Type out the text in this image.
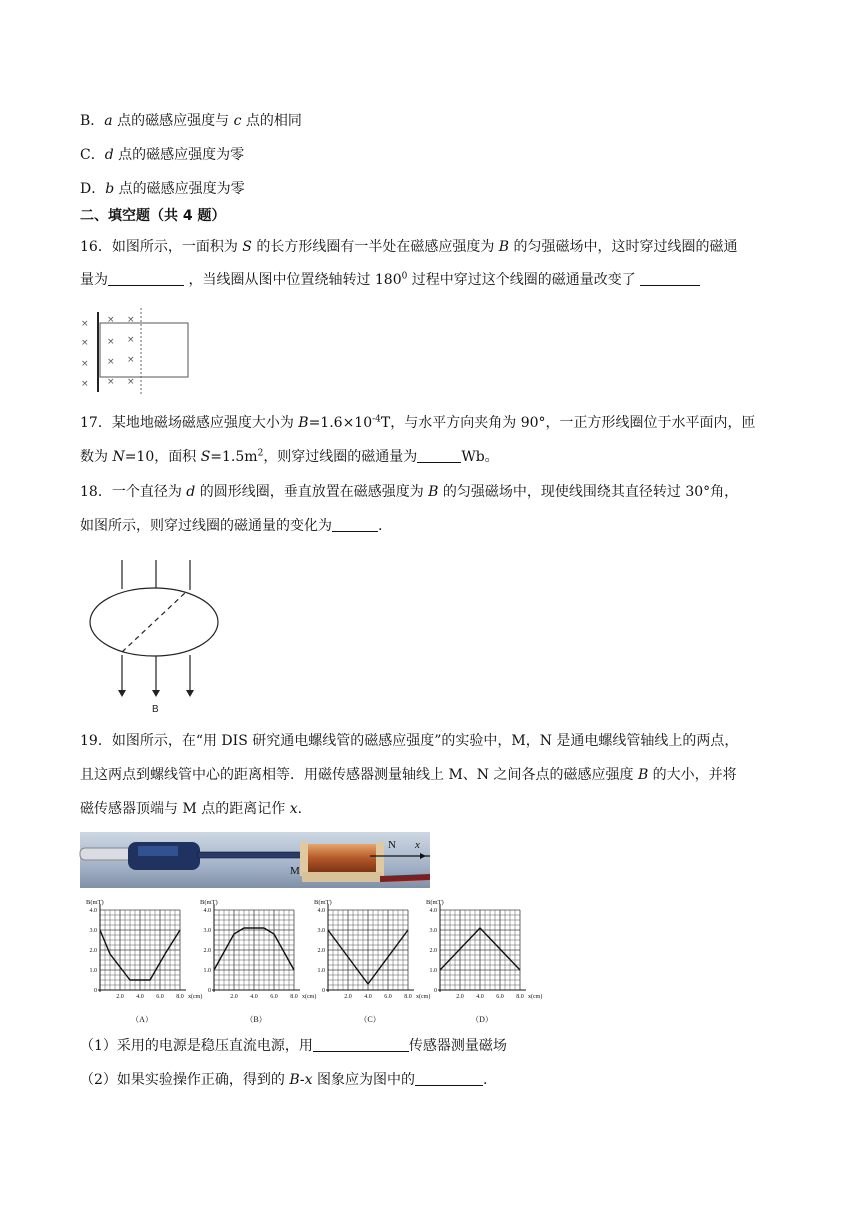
B．a 点的磁感应强度与 c 点的相同
C．d 点的磁感应强度为零
D．b 点的磁感应强度为零
二、填空题（共 4 题）
16．如图所示，一面积为 S 的长方形线圈有一半处在磁感应强度为 B 的匀强磁场中，这时穿过线圈的磁通
量为	，当线圈从图中位置绕轴转过 $180^0$ 过程中穿过这个线圈的磁通量改变了
×
×
×
×
×
×
×
×
×
×
×
×
17．某地地磁场磁感应强度大小为 $B=1.6\times 10^{-4}T$，与水平方向夹角为 90°，一正方形线圈位于水平面内，匝
数为 N=10，面积 $S=1.5m^2$，则穿过线圈的磁通量为	Wb。
18．一个直径为 d 的圆形线圈，垂直放置在磁感强度为 B 的匀强磁场中，现使线围绕其直径转过 30°角，
如图所示，则穿过线圈的磁通量的变化为	.
B
19．如图所示，在“用 DIS 研究通电螺线管的磁感应强度”的实验中，M，N 是通电螺线管轴线上的两点，
且这两点到螺线管中心的距离相等．用磁传感器测量轴线上 M、N 之间各点的磁感应强度 B 的大小，并将
磁传感器顶端与 M 点的距离记作 x.
N x
M
B(mT)
4.0
3.0
2.0
1.0
0
2.0 4.0 6.0 8.0 x(cm)
（A）
B(mT)
4.0
3.0
2.0
1.0
0
2.0 4.0 6.0 8.0 x(cm)
（B）
B(mT)
4.0
3.0
2.0
1.0
0
2.0 4.0 6.0 8.0 x(cm)
（C）
B(mT)
4.0
3.0
2.0
1.0
0
2.0 4.0 6.0 8.0 x(cm)
（D）
（1）采用的电源是稳压直流电源，用	传感器测量磁场
（2）如果实验操作正确，得到的 B-x 图象应为图中的	.
